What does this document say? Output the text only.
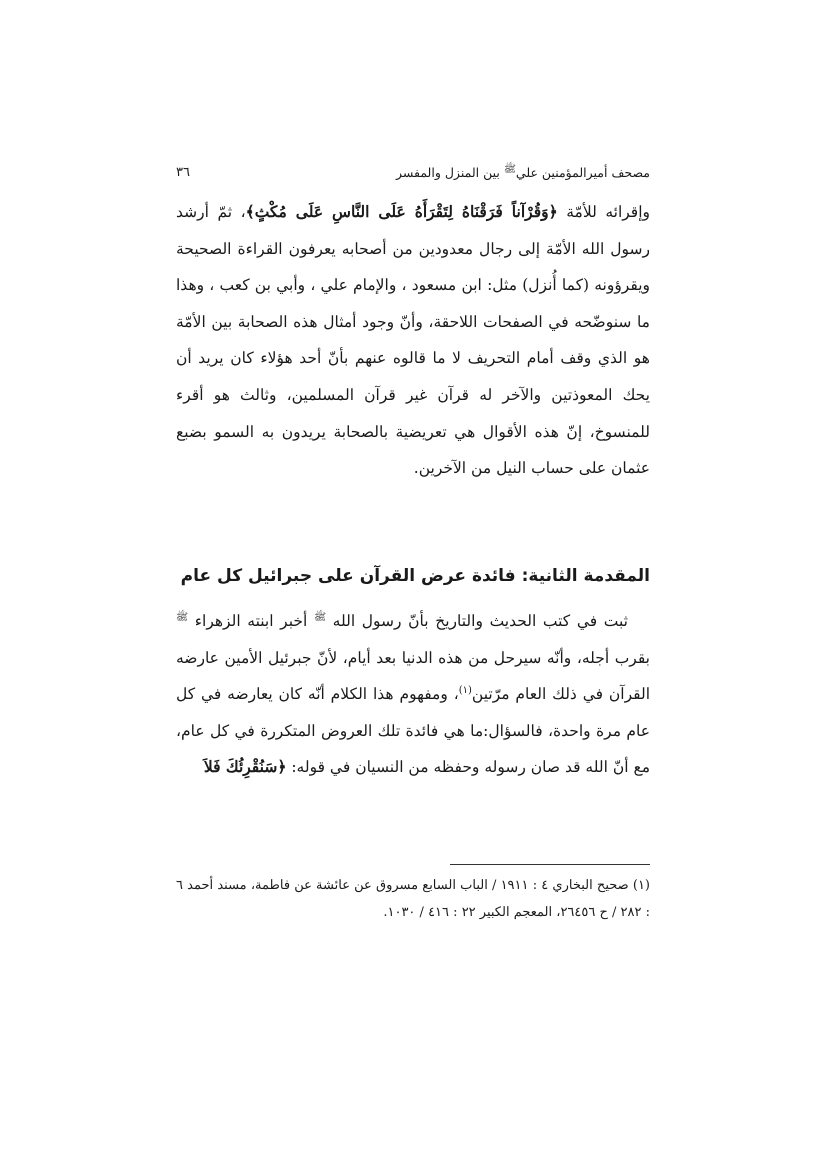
مصحف أميرالمؤمنين علي$^ﷺ$ بين المنزل والمفسر
٣٦

وإقرائه للأمّة ﴿وَقُرْآناً فَرَقْنَاهُ لِتَقْرَأَهُ عَلَى النَّاسِ عَلَى مُكْثٍ﴾، ثمّ أرشد رسول الله الأمّة إلى رجال معدودين من أصحابه يعرفون القراءة الصحيحة ويقرؤونه (كما أُنزل) مثل: ابن مسعود ، والإمام علي ، وأبي بن كعب ، وهذا ما سنوضّحه في الصفحات اللاحقة، وأنّ وجود أمثال هذه الصحابة بين الأمّة هو الذي وقف أمام التحريف لا ما قالوه عنهم بأنّ أحد هؤلاء كان يريد أن يحك المعوذتين والآخر له قرآن غير قرآن المسلمين، وثالث هو أقرء للمنسوخ، إنّ هذه الأقوال هي تعريضية بالصحابة يريدون به السمو بضبع عثمان على حساب النيل من الآخرين.

المقدمة الثانية: فائدة عرض القرآن على جبرائيل كل عام

ثبت في كتب الحديث والتاريخ بأنّ رسول الله $^ﷺ$ أخبر ابنته الزهراء $^ﷺ$ بقرب أجله، وأنّه سيرحل من هذه الدنيا بعد أيام، لأنّ جبرئيل الأمين عارضه القرآن في ذلك العام مرّتين$^{(١)}$، ومفهوم هذا الكلام أنّه كان يعارضه في كل عام مرة واحدة، فالسؤال:ما هي فائدة تلك العروض المتكررة في كل عام، مع أنّ الله قد صان رسوله وحفظه من النسيان في قوله: ﴿سَنُقْرِئُكَ فَلاَ

(١) صحيح البخاري ٤ : ١٩١١ / الباب السابع مسروق عن عائشة عن فاطمة، مسند أحمد ٦ : ٢٨٢ / ح ٢٦٤٥٦، المعجم الكبير ٢٢ : ٤١٦ / ١٠٣٠.
